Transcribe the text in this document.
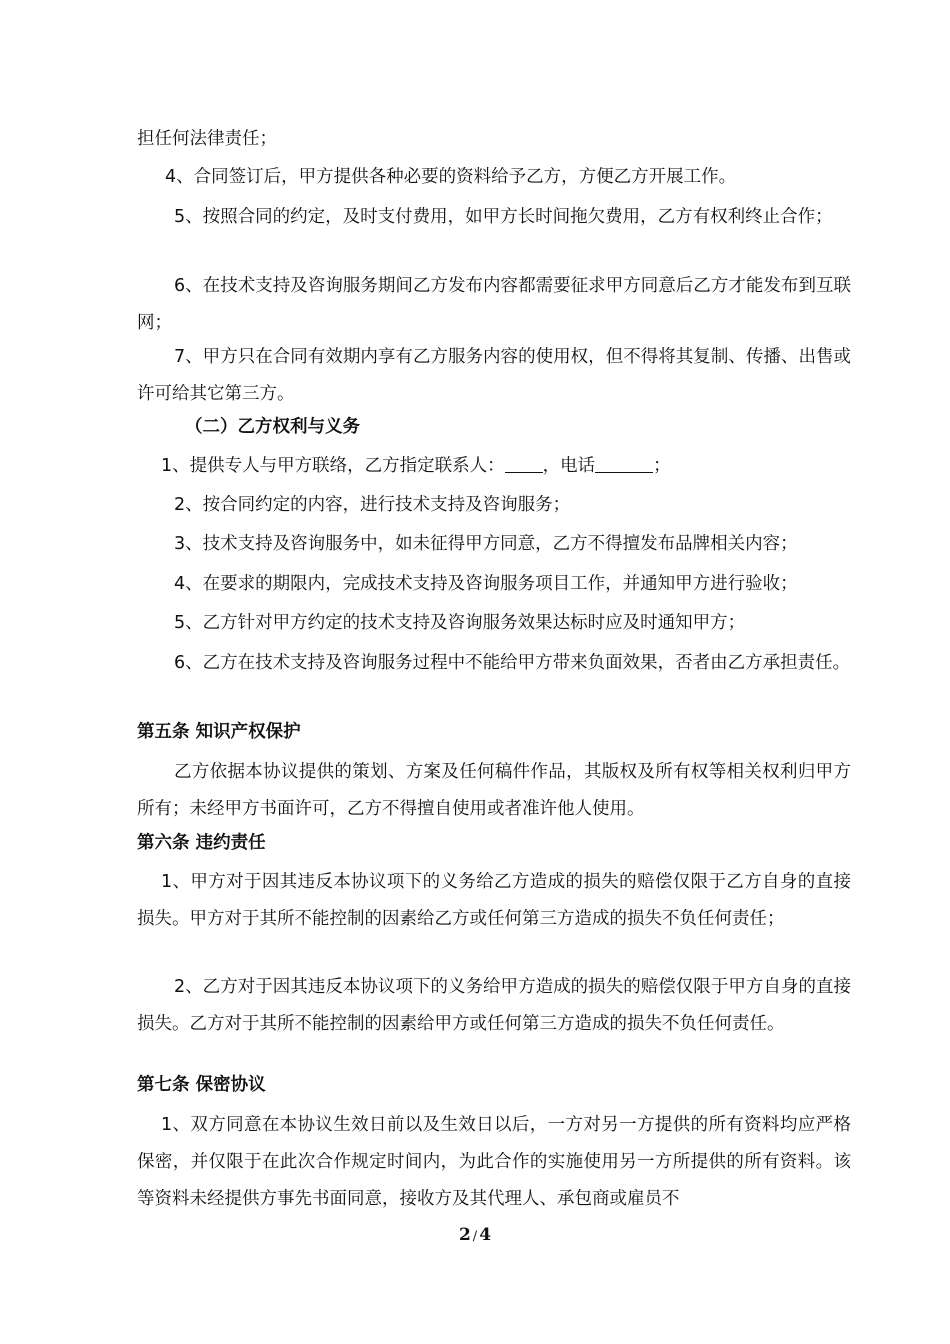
担任何法律责任；

4、合同签订后，甲方提供各种必要的资料给予乙方，方便乙方开展工作。

5、按照合同的约定，及时支付费用，如甲方长时间拖欠费用，乙方有权利终止合作；

6、在技术支持及咨询服务期间乙方发布内容都需要征求甲方同意后乙方才能发布到互联网；

7、甲方只在合同有效期内享有乙方服务内容的使用权，但不得将其复制、传播、出售或许可给其它第三方。

（二）乙方权利与义务

1、提供专人与甲方联络，乙方指定联系人： ，电话	；

2、按合同约定的内容，进行技术支持及咨询服务；

3、技术支持及咨询服务中，如未征得甲方同意，乙方不得擅发布品牌相关内容；

4、在要求的期限内，完成技术支持及咨询服务项目工作，并通知甲方进行验收；

5、乙方针对甲方约定的技术支持及咨询服务效果达标时应及时通知甲方；

6、乙方在技术支持及咨询服务过程中不能给甲方带来负面效果，否者由乙方承担责任。

第五条 知识产权保护

乙方依据本协议提供的策划、方案及任何稿件作品，其版权及所有权等相关权利归甲方所有；未经甲方书面许可，乙方不得擅自使用或者准许他人使用。

第六条 违约责任

1、甲方对于因其违反本协议项下的义务给乙方造成的损失的赔偿仅限于乙方自身的直接损失。甲方对于其所不能控制的因素给乙方或任何第三方造成的损失不负任何责任；

2、乙方对于因其违反本协议项下的义务给甲方造成的损失的赔偿仅限于甲方自身的直接损失。乙方对于其所不能控制的因素给甲方或任何第三方造成的损失不负任何责任。

第七条 保密协议

1、双方同意在本协议生效日前以及生效日以后，一方对另一方提供的所有资料均应严格保密，并仅限于在此次合作规定时间内，为此合作的实施使用另一方所提供的所有资料。该等资料未经提供方事先书面同意，接收方及其代理人、承包商或雇员不

2 / 4
